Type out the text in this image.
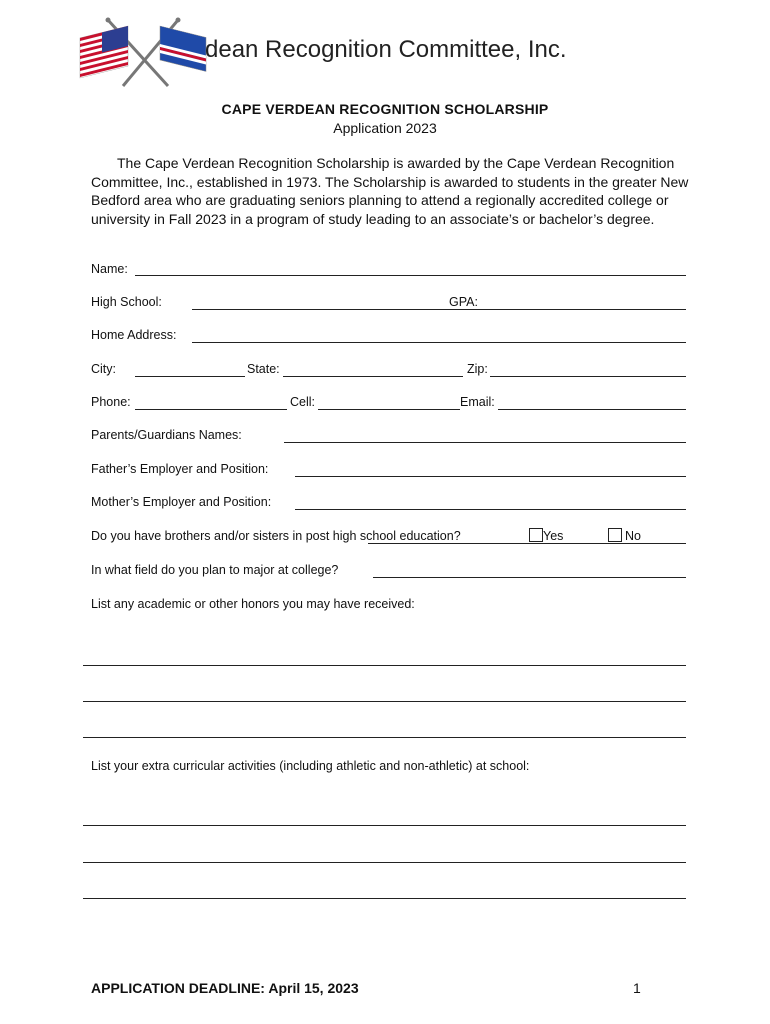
dean Recognition Committee, Inc.
CAPE VERDEAN RECOGNITION SCHOLARSHIP
Application 2023
The Cape Verdean Recognition Scholarship is awarded by the Cape Verdean Recognition Committee, Inc., established in 1973. The Scholarship is awarded to students in the greater New Bedford area who are graduating seniors planning to attend a regionally accredited college or university in Fall 2023 in a program of study leading to an associate’s or bachelor’s degree.
Name:
High School:	GPA:
Home Address:
City:	State:	Zip:
Phone:	Cell:	Email:
Parents/Guardians Names:
Father’s Employer and Position:
Mother’s Employer and Position:
Do you have brothers and/or sisters in post high school education?	Yes	No
In what field do you plan to major at college?
List any academic or other honors you may have received:
List your extra curricular activities (including athletic and non-athletic) at school:
APPLICATION DEADLINE: April 15, 2023	1
